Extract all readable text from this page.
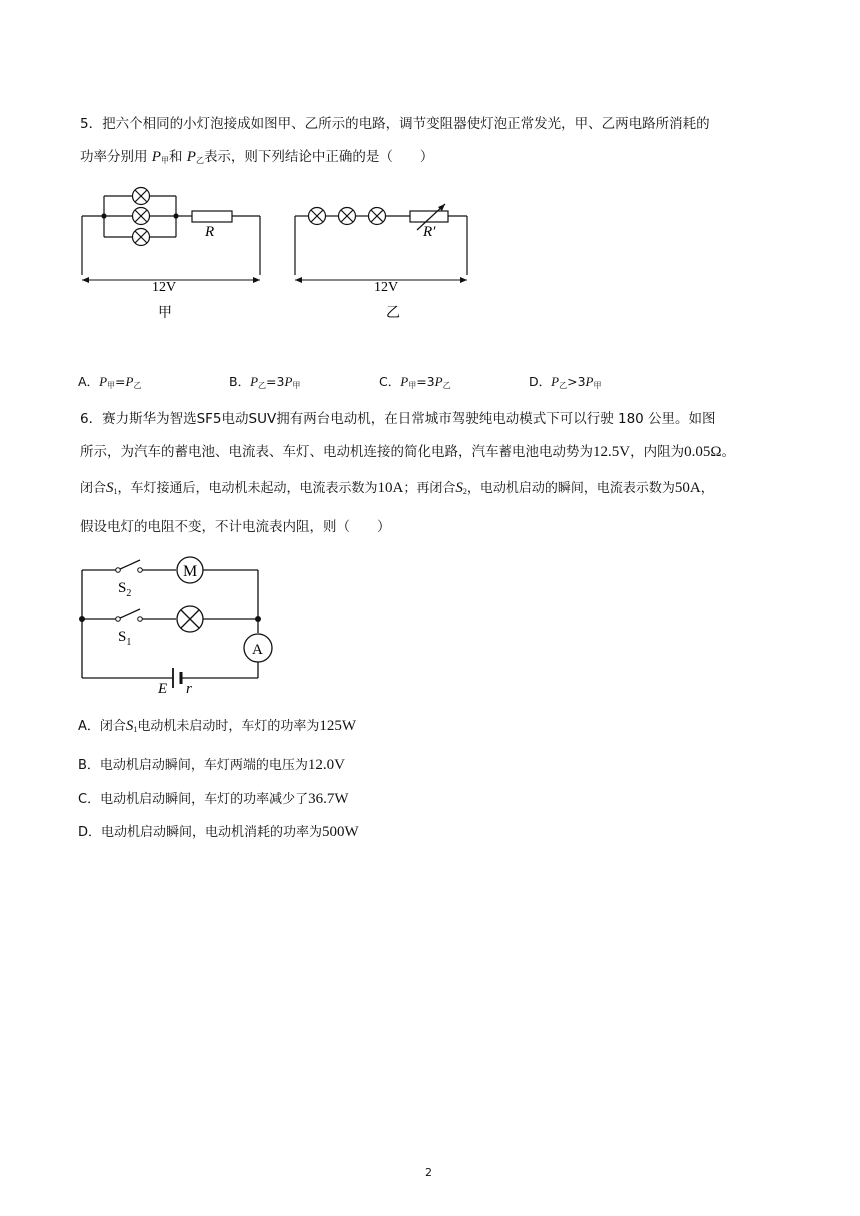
5．把六个相同的小灯泡接成如图甲、乙所示的电路，调节变阻器使灯泡正常发光，甲、乙两电路所消耗的
功率分别用 $P_甲$和 $P_乙$表示，则下列结论中正确的是（　　）
R
12V
甲
R′
12V
乙
A．$P_甲=P_乙$	B．$P_乙=3P_甲$	C．$P_甲=3P_乙$	D．$P_乙>3P_甲$
6．赛力斯华为智选SF5电动SUV拥有两台电动机，在日常城市驾驶纯电动模式下可以行驶 180 公里。如图
所示，为汽车的蓄电池、电流表、车灯、电动机连接的简化电路，汽车蓄电池电动势为12.5V，内阻为0.05Ω。
闭合$S_1$，车灯接通后，电动机未起动，电流表示数为10A；再闭合$S_2$，电动机启动的瞬间，电流表示数为50A，
假设电灯的电阻不变，不计电流表内阻，则（　　）
M
A
$S_2$
$S_1$
E r
A．闭合$S_1$电动机未启动时，车灯的功率为125W
B．电动机启动瞬间，车灯两端的电压为12.0V
C．电动机启动瞬间，车灯的功率减少了36.7W
D．电动机启动瞬间，电动机消耗的功率为500W
2
